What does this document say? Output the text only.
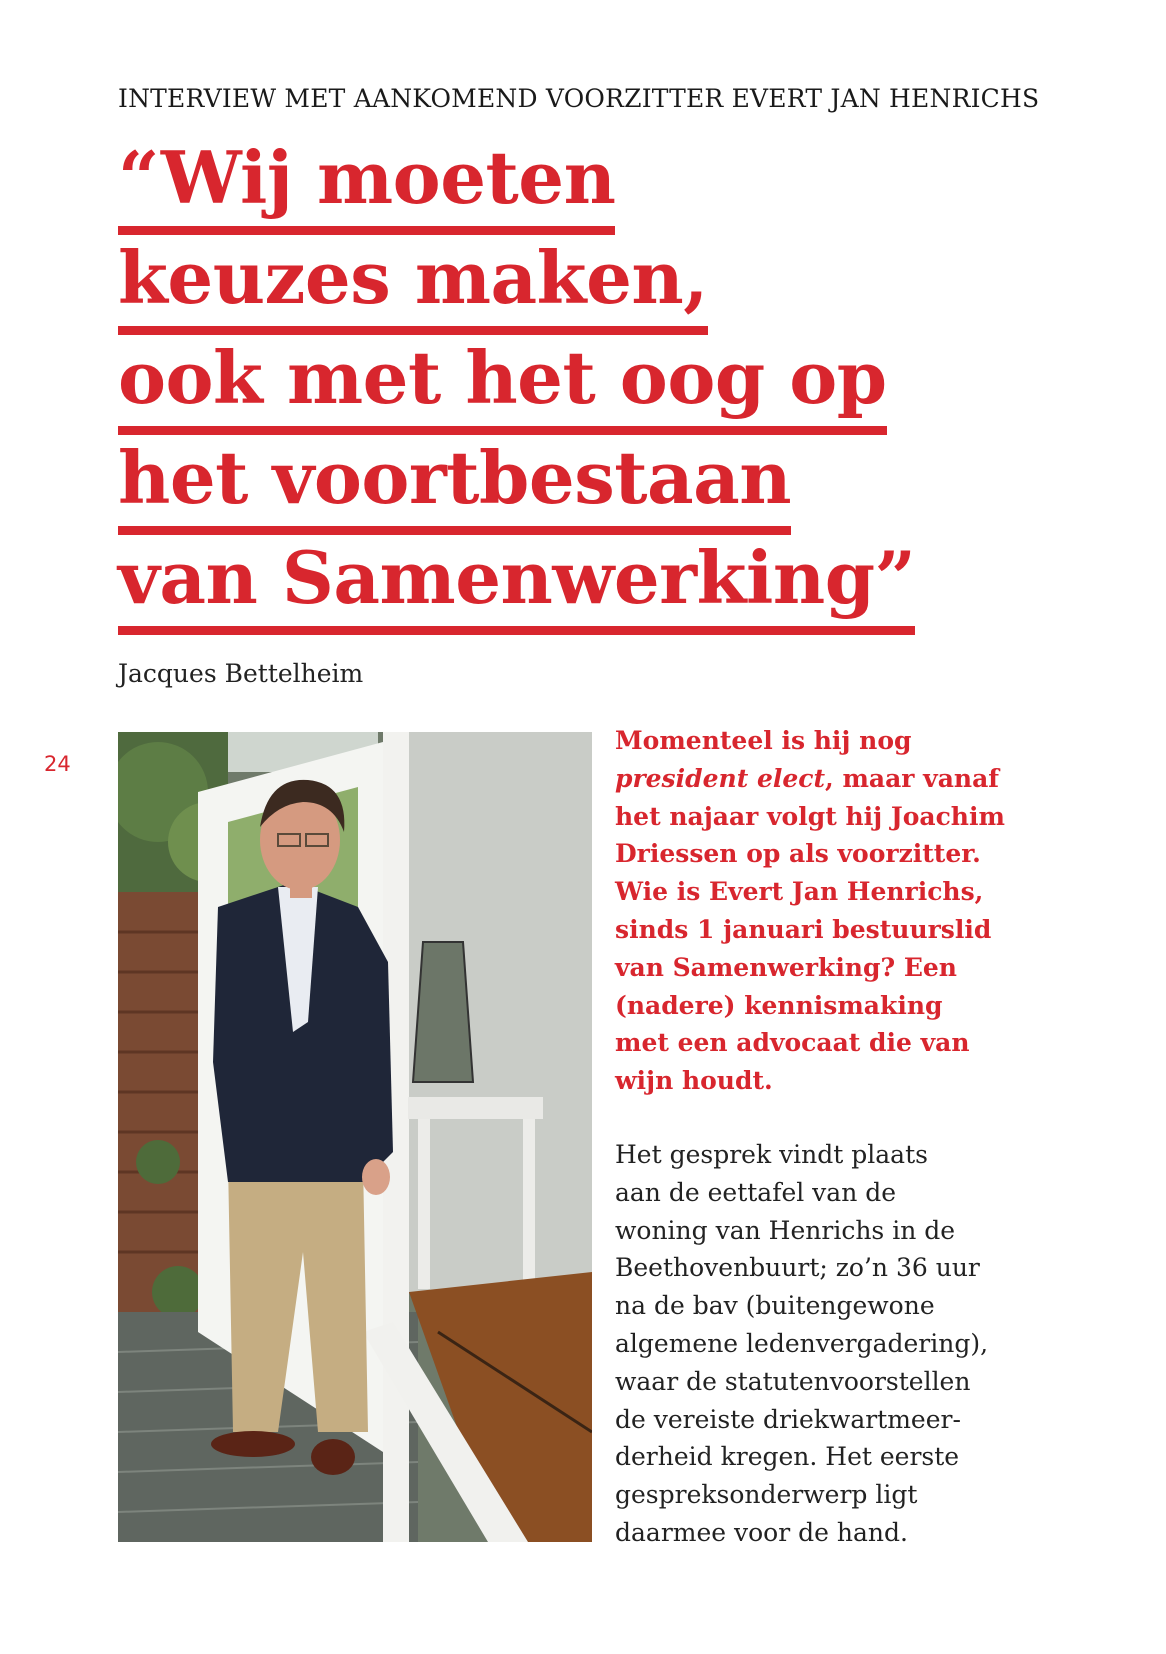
INTERVIEW MET AANKOMEND VOORZITTER EVERT JAN HENRICHS
“Wij moeten
keuzes maken,
ook met het oog op
het voortbestaan
van Samenwerking”
Jacques Bettelheim
24

Momenteel is hij nog
president elect, maar vanaf
het najaar volgt hij Joachim
Driessen op als voorzitter.
Wie is Evert Jan Henrichs,
sinds 1 januari bestuurslid
van Samenwerking? Een
(nadere) kennismaking
met een advocaat die van
wijn houdt.

Het gesprek vindt plaats
aan de eettafel van de
woning van Henrichs in de
Beethovenbuurt; zo’n 36 uur
na de bav (buitengewone
algemene ledenvergadering),
waar de statutenvoorstellen
de vereiste driekwartmeer-
derheid kregen. Het eerste
gespreksonderwerp ligt
daarmee voor de hand.
